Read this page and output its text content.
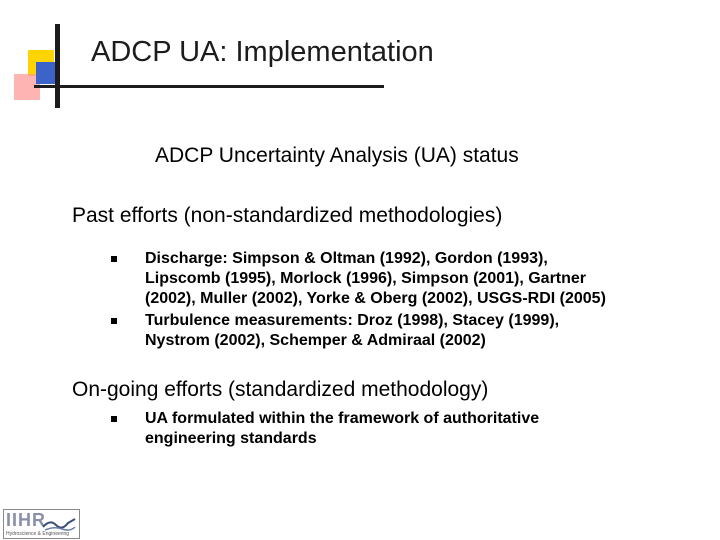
ADCP UA: Implementation
ADCP Uncertainty Analysis (UA) status
Past efforts (non-standardized methodologies)
Discharge: Simpson & Oltman (1992), Gordon (1993),
Lipscomb (1995), Morlock (1996), Simpson (2001), Gartner
(2002), Muller (2002), Yorke & Oberg (2002), USGS-RDI (2005)
Turbulence measurements: Droz (1998), Stacey (1999),
Nystrom (2002), Schemper & Admiraal (2002)
On-going efforts (standardized methodology)
UA formulated within the framework of authoritative
engineering standards
IIHR
Hydroscience & Engineering
